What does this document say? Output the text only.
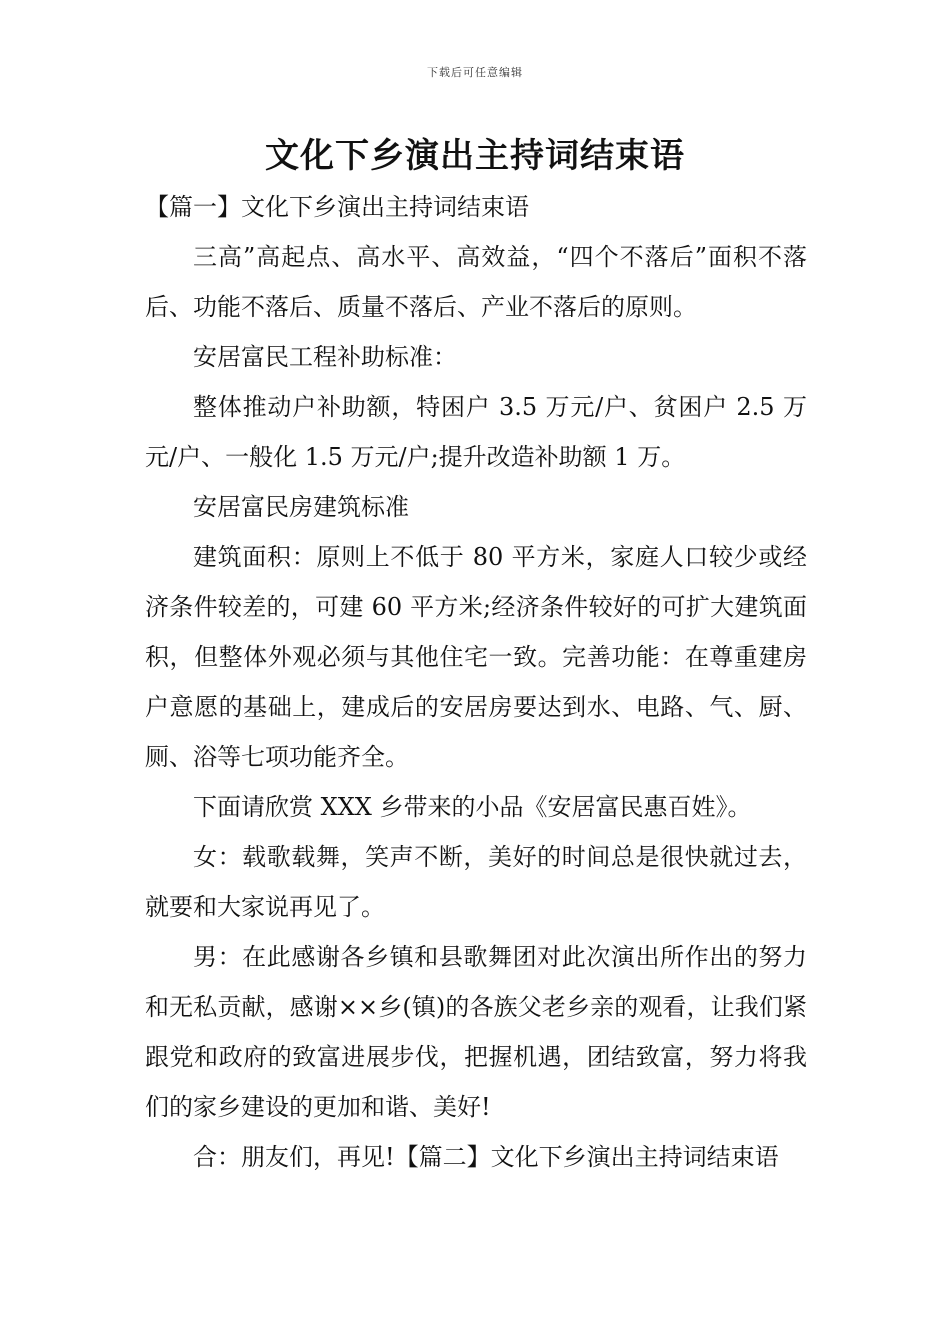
下载后可任意编辑
文化下乡演出主持词结束语

【篇一】文化下乡演出主持词结束语

三高”高起点、高水平、高效益，“四个不落后”面积不落后、功能不落后、质量不落后、产业不落后的原则。

安居富民工程补助标准：

整体推动户补助额，特困户 3.5 万元/户、贫困户 2.5 万元/户、一般化 1.5 万元/户;提升改造补助额 1 万。

安居富民房建筑标准

建筑面积：原则上不低于 80 平方米，家庭人口较少或经济条件较差的，可建 60 平方米;经济条件较好的可扩大建筑面积，但整体外观必须与其他住宅一致。完善功能：在尊重建房户意愿的基础上，建成后的安居房要达到水、电路、气、厨、厕、浴等七项功能齐全。

下面请欣赏 XXX 乡带来的小品《安居富民惠百姓》。

女：载歌载舞，笑声不断，美好的时间总是很快就过去，就要和大家说再见了。

男：在此感谢各乡镇和县歌舞团对此次演出所作出的努力和无私贡献，感谢××乡(镇)的各族父老乡亲的观看，让我们紧跟党和政府的致富进展步伐，把握机遇，团结致富，努力将我们的家乡建设的更加和谐、美好!

合：朋友们，再见!【篇二】文化下乡演出主持词结束语
